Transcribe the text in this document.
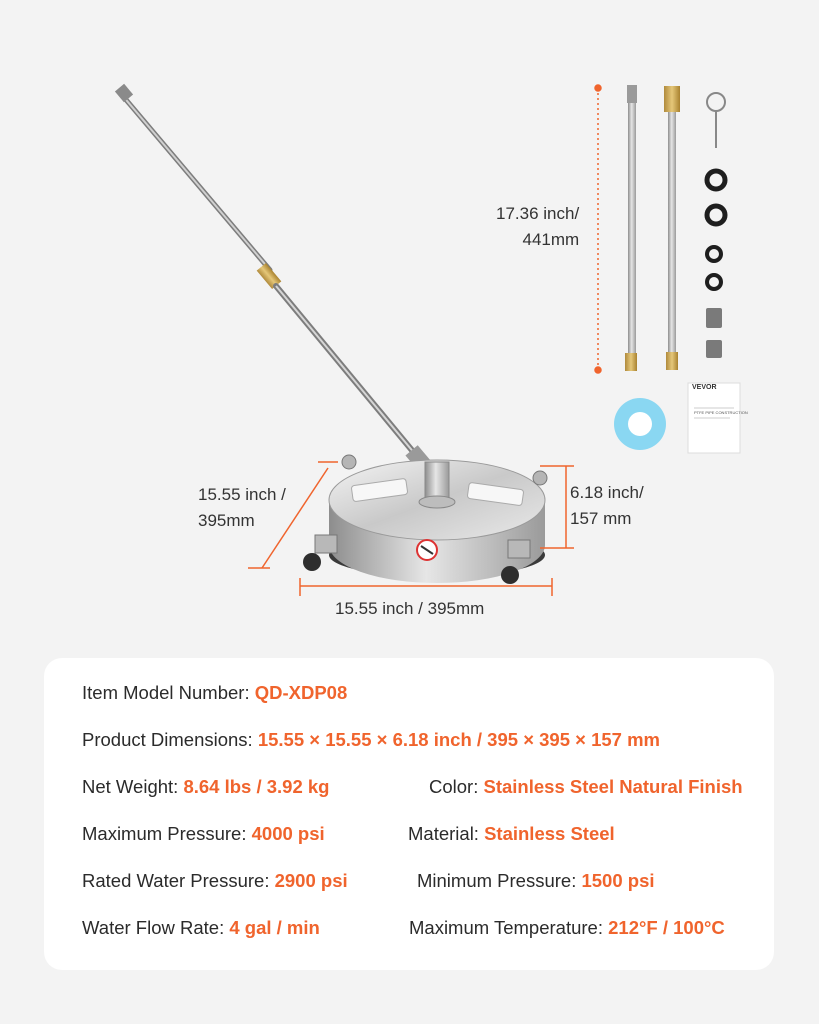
VEVOR
PTFE PIPE CONSTRUCTION
17.36 inch/
441mm
15.55 inch /
395mm
6.18 inch/
157 mm
15.55 inch / 395mm
Item Model Number: QD-XDP08
Product Dimensions: 15.55 × 15.55 × 6.18 inch / 395 × 395 × 157 mm
Net Weight: 8.64 lbs / 3.92 kg	Color: Stainless Steel Natural Finish
Maximum Pressure: 4000 psi	Material: Stainless Steel
Rated Water Pressure: 2900 psi	Minimum Pressure: 1500 psi
Water Flow Rate: 4 gal / min	Maximum Temperature: 212°F / 100°C
